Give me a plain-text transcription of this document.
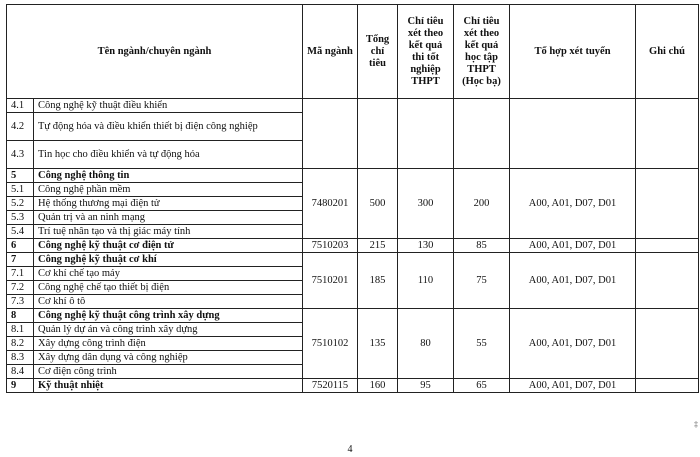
Tên ngành/chuyên ngành		Mã ngành	Tổng chỉ tiêu	Chỉ tiêu xét theo kết quả thi tốt nghiệp THPT	Chỉ tiêu xét theo kết quả học tập THPT (Học bạ)	Tổ hợp xét tuyển	Ghi chú
4.1	Công nghệ kỹ thuật điều khiển						
4.2	Tự động hóa và điều khiển thiết bị điện công nghiệp						
4.3	Tin học cho điều khiển và tự động hóa						
5	Công nghệ thông tin	7480201	500	300	200	A00, A01, D07, D01	
5.1	Công nghệ phần mềm						
5.2	Hệ thống thương mại điện tử						
5.3	Quản trị và an ninh mạng						
5.4	Trí tuệ nhân tạo và thị giác máy tính						
6	Công nghệ kỹ thuật cơ điện tử	7510203	215	130	85	A00, A01, D07, D01	
7	Công nghệ kỹ thuật cơ khí	7510201	185	110	75	A00, A01, D07, D01	
7.1	Cơ khí chế tạo máy						
7.2	Công nghệ chế tạo thiết bị điện						
7.3	Cơ khí ô tô						
8	Công nghệ kỹ thuật công trình xây dựng	7510102	135	80	55	A00, A01, D07, D01	
8.1	Quản lý dự án và công trình xây dựng						
8.2	Xây dựng công trình điện						
8.3	Xây dựng dân dụng và công nghiệp						
8.4	Cơ điện công trình						
9	Kỹ thuật nhiệt	7520115	160	95	65	A00, A01, D07, D01	
4
‡
